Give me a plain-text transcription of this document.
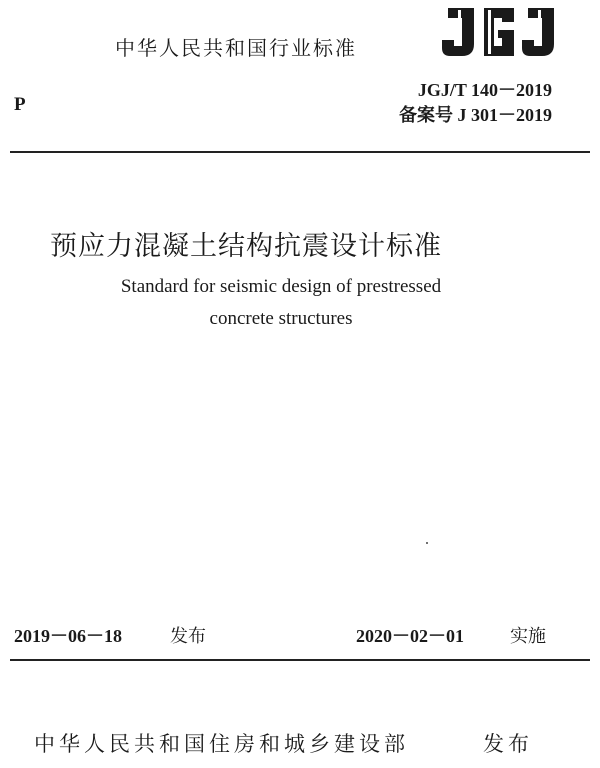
中华人民共和国行业标准
JGJ/T 140－2019
备案号 J 301－2019
P
预应力混凝土结构抗震设计标准
Standard for seismic design of prestressed
concrete structures
2019－06－18	发布	2020－02－01	实施
中华人民共和国住房和城乡建设部	发布
